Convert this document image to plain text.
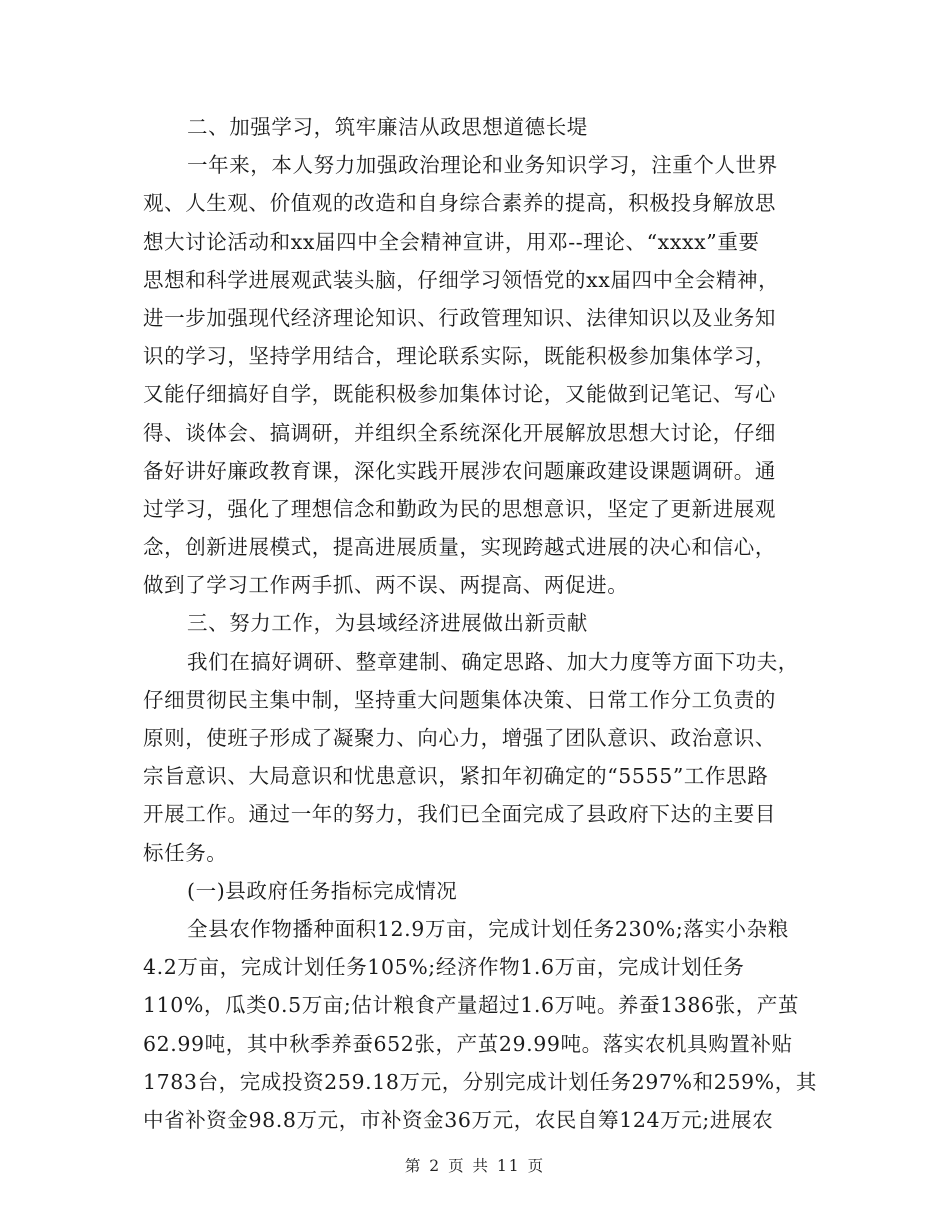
二、加强学习，筑牢廉洁从政思想道德长堤
一年来，本人努力加强政治理论和业务知识学习，注重个人世界
观、人生观、价值观的改造和自身综合素养的提高，积极投身解放思
想大讨论活动和xx届四中全会精神宣讲，用邓--理论、“xxxx”重要
思想和科学进展观武装头脑，仔细学习领悟党的xx届四中全会精神，
进一步加强现代经济理论知识、行政管理知识、法律知识以及业务知
识的学习，坚持学用结合，理论联系实际，既能积极参加集体学习，
又能仔细搞好自学，既能积极参加集体讨论，又能做到记笔记、写心
得、谈体会、搞调研，并组织全系统深化开展解放思想大讨论，仔细
备好讲好廉政教育课，深化实践开展涉农问题廉政建设课题调研。通
过学习，强化了理想信念和勤政为民的思想意识，坚定了更新进展观
念，创新进展模式，提高进展质量，实现跨越式进展的决心和信心，
做到了学习工作两手抓、两不误、两提高、两促进。
三、努力工作，为县域经济进展做出新贡献
我们在搞好调研、整章建制、确定思路、加大力度等方面下功夫，
仔细贯彻民主集中制，坚持重大问题集体决策、日常工作分工负责的
原则，使班子形成了凝聚力、向心力，增强了团队意识、政治意识、
宗旨意识、大局意识和忧患意识，紧扣年初确定的“5555”工作思路
开展工作。通过一年的努力，我们已全面完成了县政府下达的主要目
标任务。
(一)县政府任务指标完成情况
全县农作物播种面积12.9万亩，完成计划任务230%;落实小杂粮
4.2万亩，完成计划任务105%;经济作物1.6万亩，完成计划任务
110%，瓜类0.5万亩;估计粮食产量超过1.6万吨。养蚕1386张，产茧
62.99吨，其中秋季养蚕652张，产茧29.99吨。落实农机具购置补贴
1783台，完成投资259.18万元，分别完成计划任务297%和259%，其
中省补资金98.8万元，市补资金36万元，农民自筹124万元;进展农
第 2 页 共 11 页
